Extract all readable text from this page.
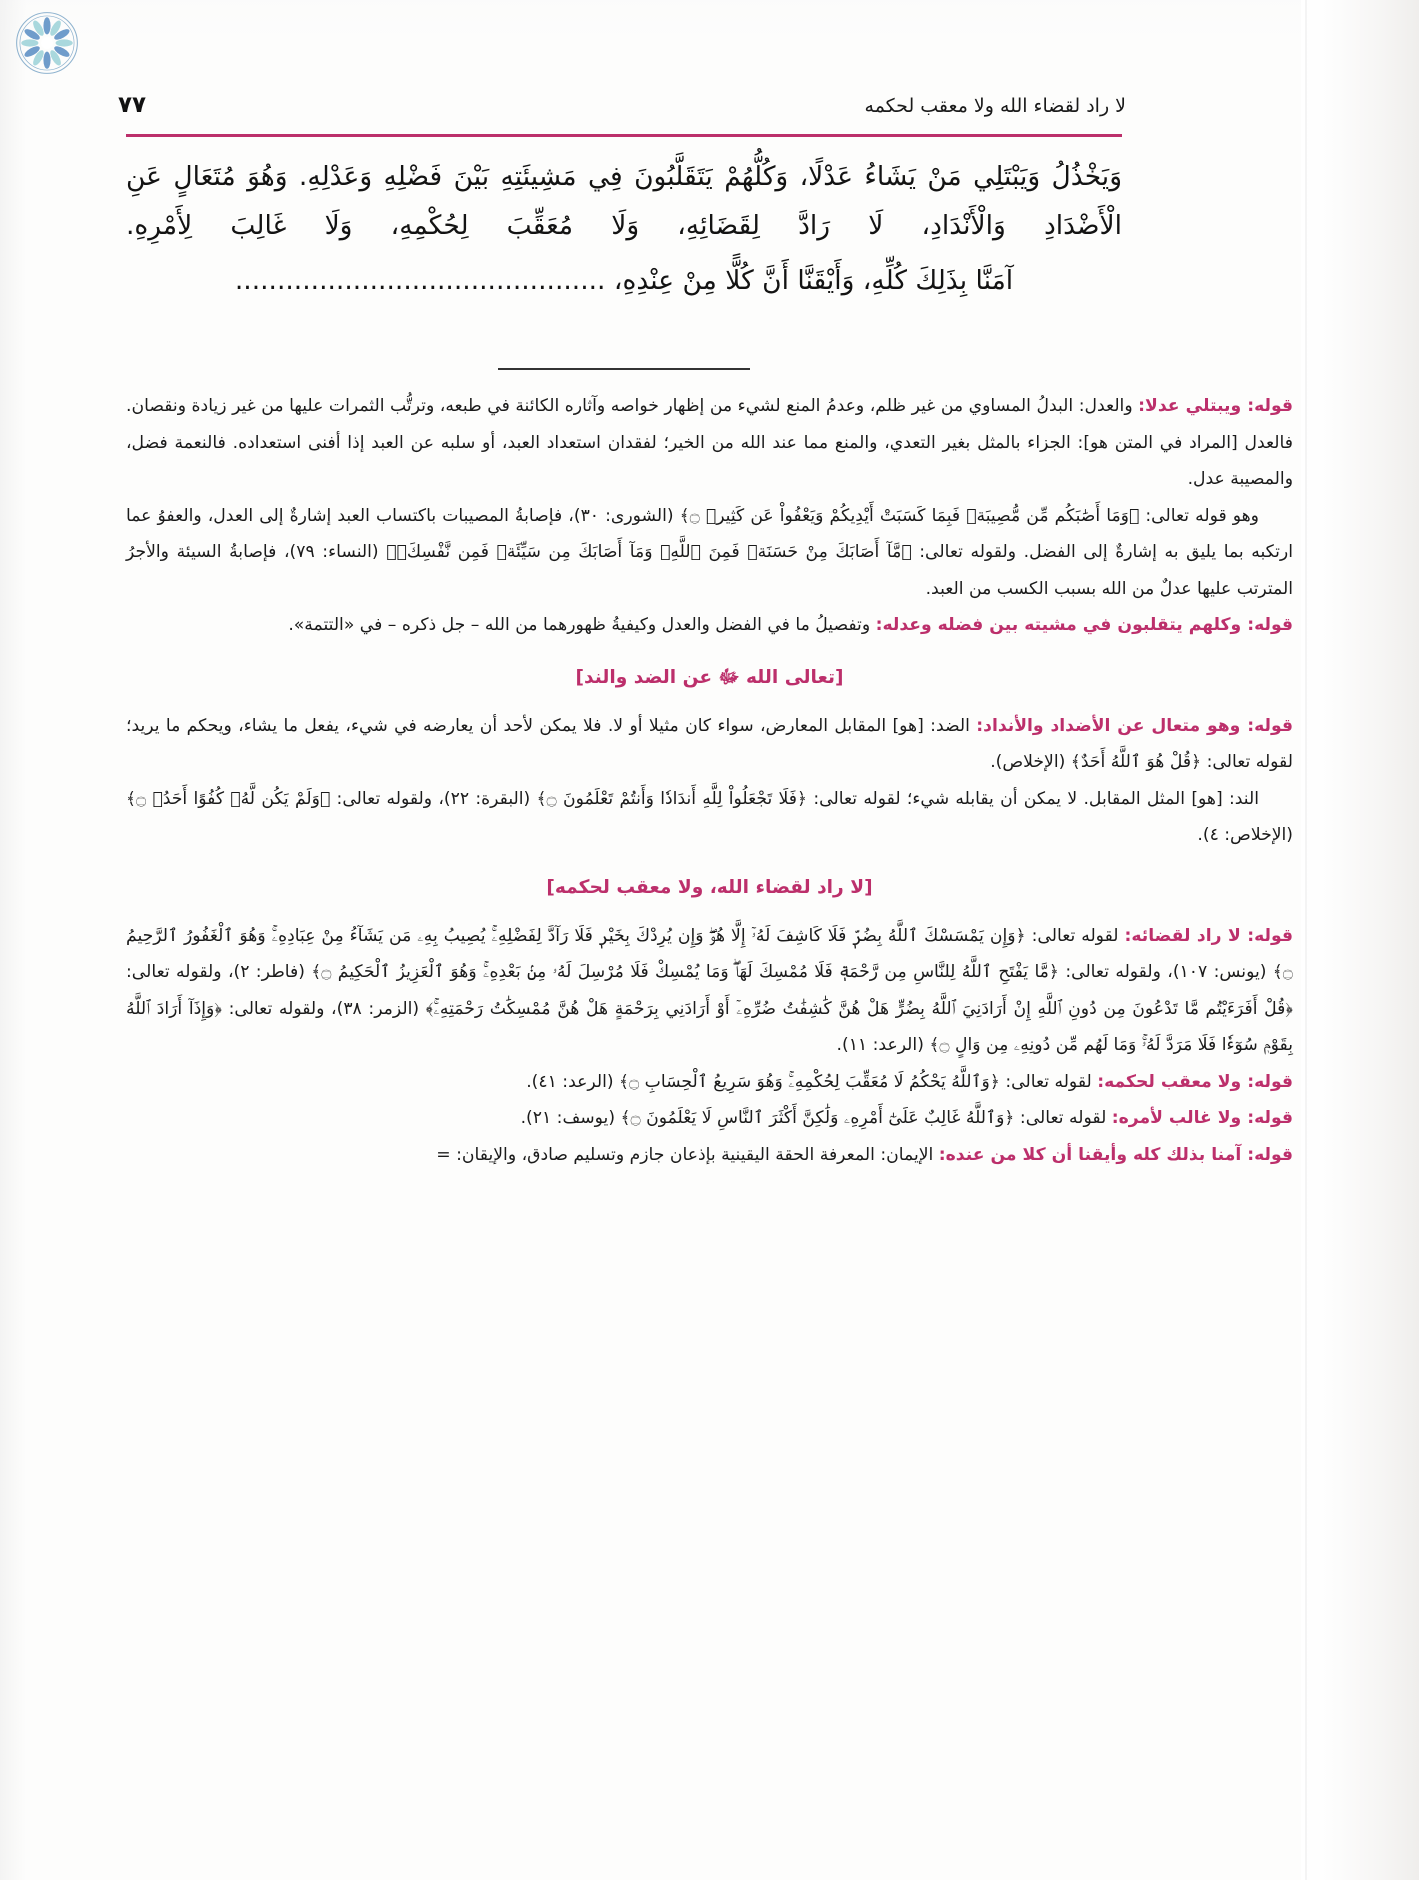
لا راد لقضاء الله ولا معقب لحكمه
٧٧
وَيَخْذُلُ وَيَبْتَلِي مَنْ يَشَاءُ عَدْلًا، وَكُلُّهُمْ يَتَقَلَّبُونَ فِي مَشِيئَتِهِ بَيْنَ فَضْلِهِ وَعَدْلِهِ. وَهُوَ مُتَعَالٍ عَنِ
الْأَضْدَادِ وَالْأَنْدَادِ، لَا رَادَّ لِقَضَائِهِ، وَلَا مُعَقِّبَ لِحُكْمِهِ، وَلَا غَالِبَ لِأَمْرِهِ.
آمَنَّا بِذَلِكَ كُلِّهِ، وَأَيْقَنَّا أَنَّ كُلًّا مِنْ عِنْدِهِ، ............................................

قوله: ويبتلي عدلا: والعدل: البدلُ المساوي من غير ظلم، وعدمُ المنع لشيء من إظهار خواصه وآثاره الكائنة في طبعه، وترتُّب الثمرات عليها من غير زيادة ونقصان. فالعدل [المراد في المتن هو]: الجزاء بالمثل بغير التعدي، والمنع مما عند الله من الخير؛ لفقدان استعداد العبد، أو سلبه عن العبد إذا أفنى استعداده. فالنعمة فضل، والمصيبة عدل.

وهو قوله تعالى: ﴿وَمَا أَصَٰبَكُم مِّن مُّصِيبَةٖ فَبِمَا كَسَبَتْ أَيْدِيكُمْ وَيَعْفُواْ عَن كَثِيرٖ ۝﴾ (الشورى: ٣٠)، فإصابةُ المصيبات باكتساب العبد إشارةٌ إلى العدل، والعفوُ عما ارتكبه بما يليق به إشارةٌ إلى الفضل. ولقوله تعالى: ﴿مَّآ أَصَابَكَ مِنْ حَسَنَةٖ فَمِنَ ٱللَّهِۖ وَمَآ أَصَابَكَ مِن سَيِّئَةٖ فَمِن نَّفْسِكَۚ﴾ (النساء: ٧٩)، فإصابةُ السيئة والأجرُ المترتب عليها عدلٌ من الله بسبب الكسب من العبد.

قوله: وكلهم يتقلبون في مشيته بين فضله وعدله: وتفصيلُ ما في الفضل والعدل وكيفيةُ ظهورهما من الله – جل ذكره – في «التتمة».

[تعالى الله ﷻ عن الضد والند]

قوله: وهو متعال عن الأضداد والأنداد: الضد: [هو] المقابل المعارض، سواء كان مثيلا أو لا. فلا يمكن لأحد أن يعارضه في شيء، يفعل ما يشاء، ويحكم ما يريد؛ لقوله تعالى: ﴿قُلْ هُوَ ٱللَّهُ أَحَدٌ﴾ (الإخلاص).

الند: [هو] المثل المقابل. لا يمكن أن يقابله شيء؛ لقوله تعالى: ﴿فَلَا تَجْعَلُواْ لِلَّهِ أَندَادٗا وَأَنتُمْ تَعْلَمُونَ ۝﴾ (البقرة: ٢٢)، ولقوله تعالى: ﴿وَلَمْ يَكُن لَّهُۥ كُفُوًا أَحَدُۢ ۝﴾ (الإخلاص: ٤).

[لا راد لقضاء الله، ولا معقب لحكمه]

قوله: لا راد لقضائه: لقوله تعالى: ﴿وَإِن يَمْسَسْكَ ٱللَّهُ بِضُرّٖ فَلَا كَاشِفَ لَهُۥٓ إِلَّا هُوَۖ وَإِن يُرِدْكَ بِخَيْرٖ فَلَا رَآدَّ لِفَضْلِهِۦۚ يُصِيبُ بِهِۦ مَن يَشَآءُ مِنْ عِبَادِهِۦۚ وَهُوَ ٱلْغَفُورُ ٱلرَّحِيمُ ۝﴾ (يونس: ١٠٧)، ولقوله تعالى: ﴿مَّا يَفْتَحِ ٱللَّهُ لِلنَّاسِ مِن رَّحْمَةٖ فَلَا مُمْسِكَ لَهَاۖ وَمَا يُمْسِكْ فَلَا مُرْسِلَ لَهُۥ مِنۢ بَعْدِهِۦۚ وَهُوَ ٱلْعَزِيزُ ٱلْحَكِيمُ ۝﴾ (فاطر: ٢)، ولقوله تعالى: ﴿قُلْ أَفَرَءَيْتُم مَّا تَدْعُونَ مِن دُونِ ٱللَّهِ إِنْ أَرَادَنِيَ ٱللَّهُ بِضُرٍّ هَلْ هُنَّ كَٰشِفَٰتُ ضُرِّهِۦٓ أَوْ أَرَادَنِي بِرَحْمَةٍ هَلْ هُنَّ مُمْسِكَٰتُ رَحْمَتِهِۦۚ﴾ (الزمر: ٣٨)، ولقوله تعالى: ﴿وَإِذَآ أَرَادَ ٱللَّهُ بِقَوْمٖ سُوٓءٗا فَلَا مَرَدَّ لَهُۥۚ وَمَا لَهُم مِّن دُونِهِۦ مِن وَالٍ ۝﴾ (الرعد: ١١).

قوله: ولا معقب لحكمه: لقوله تعالى: ﴿وَٱللَّهُ يَحْكُمُ لَا مُعَقِّبَ لِحُكْمِهِۦۚ وَهُوَ سَرِيعُ ٱلْحِسَابِ ۝﴾ (الرعد: ٤١).

قوله: ولا غالب لأمره: لقوله تعالى: ﴿وَٱللَّهُ غَالِبٌ عَلَىٰٓ أَمْرِهِۦ وَلَٰكِنَّ أَكْثَرَ ٱلنَّاسِ لَا يَعْلَمُونَ ۝﴾ (يوسف: ٢١).

قوله: آمنا بذلك كله وأيقنا أن كلا من عنده: الإيمان: المعرفة الحقة اليقينية بإذعان جازم وتسليم صادق، والإيقان: =
